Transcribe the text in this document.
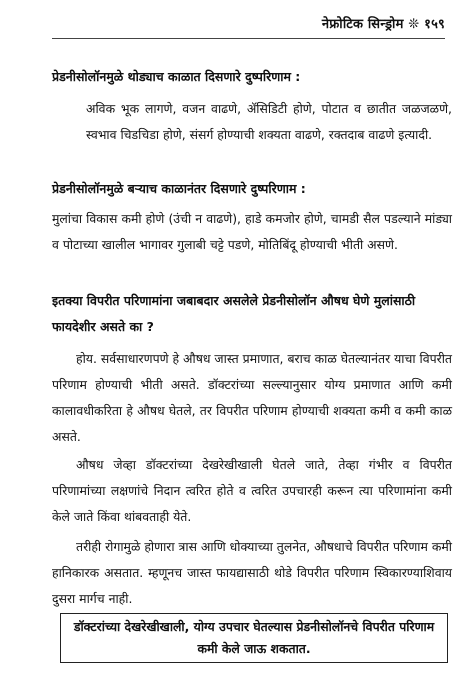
नेफ्रोटिक सिन्ड्रोम ❊ १५९
प्रेडनीसोलॉनमुळे थोड्याच काळात दिसणारे दुष्परिणाम :
अविक भूक लागणे, वजन वाढणे, ॲसिडिटी होणे, पोटात व छातीत जळजळणे, स्वभाव चिडचिडा होणे, संसर्ग होण्याची शक्यता वाढणे, रक्तदाब वाढणे इत्यादी.
प्रेडनीसोलॉनमुळे बऱ्याच काळानंतर दिसणारे दुष्परिणाम :
मुलांचा विकास कमी होणे (उंची न वाढणे), हाडे कमजोर होणे, चामडी सैल पडल्याने मांड्या व पोटाच्या खालील भागावर गुलाबी चट्टे पडणे, मोतिबिंदू होण्याची भीती असणे.
इतक्या विपरीत परिणामांना जबाबदार असलेले प्रेडनीसोलॉन औषध घेणे मुलांसाठी फायदेशीर असते का ?
होय. सर्वसाधारणपणे हे औषध जास्त प्रमाणात, बराच काळ घेतल्यानंतर याचा विपरीत परिणाम होण्याची भीती असते. डॉक्टरांच्या सल्ल्यानुसार योग्य प्रमाणात आणि कमी कालावधीकरिता हे औषध घेतले, तर विपरीत परिणाम होण्याची शक्यता कमी व कमी काळ असते.
औषध जेव्हा डॉक्टरांच्या देखरेखीखाली घेतले जाते, तेव्हा गंभीर व विपरीत परिणामांच्या लक्षणांचे निदान त्वरित होते व त्वरित उपचारही करून त्या परिणामांना कमी केले जाते किंवा थांबवताही येते.
तरीही रोगामुळे होणारा त्रास आणि धोक्याच्या तुलनेत, औषधाचे विपरीत परिणाम कमी हानिकारक असतात. म्हणूनच जास्त फायद्यासाठी थोडे विपरीत परिणाम स्विकारण्याशिवाय दुसरा मार्गच नाही.
डॉक्टरांच्या देखरेखीखाली, योग्य उपचार घेतल्यास प्रेडनीसोलॉनचे विपरीत परिणाम कमी केले जाऊ शकतात.
